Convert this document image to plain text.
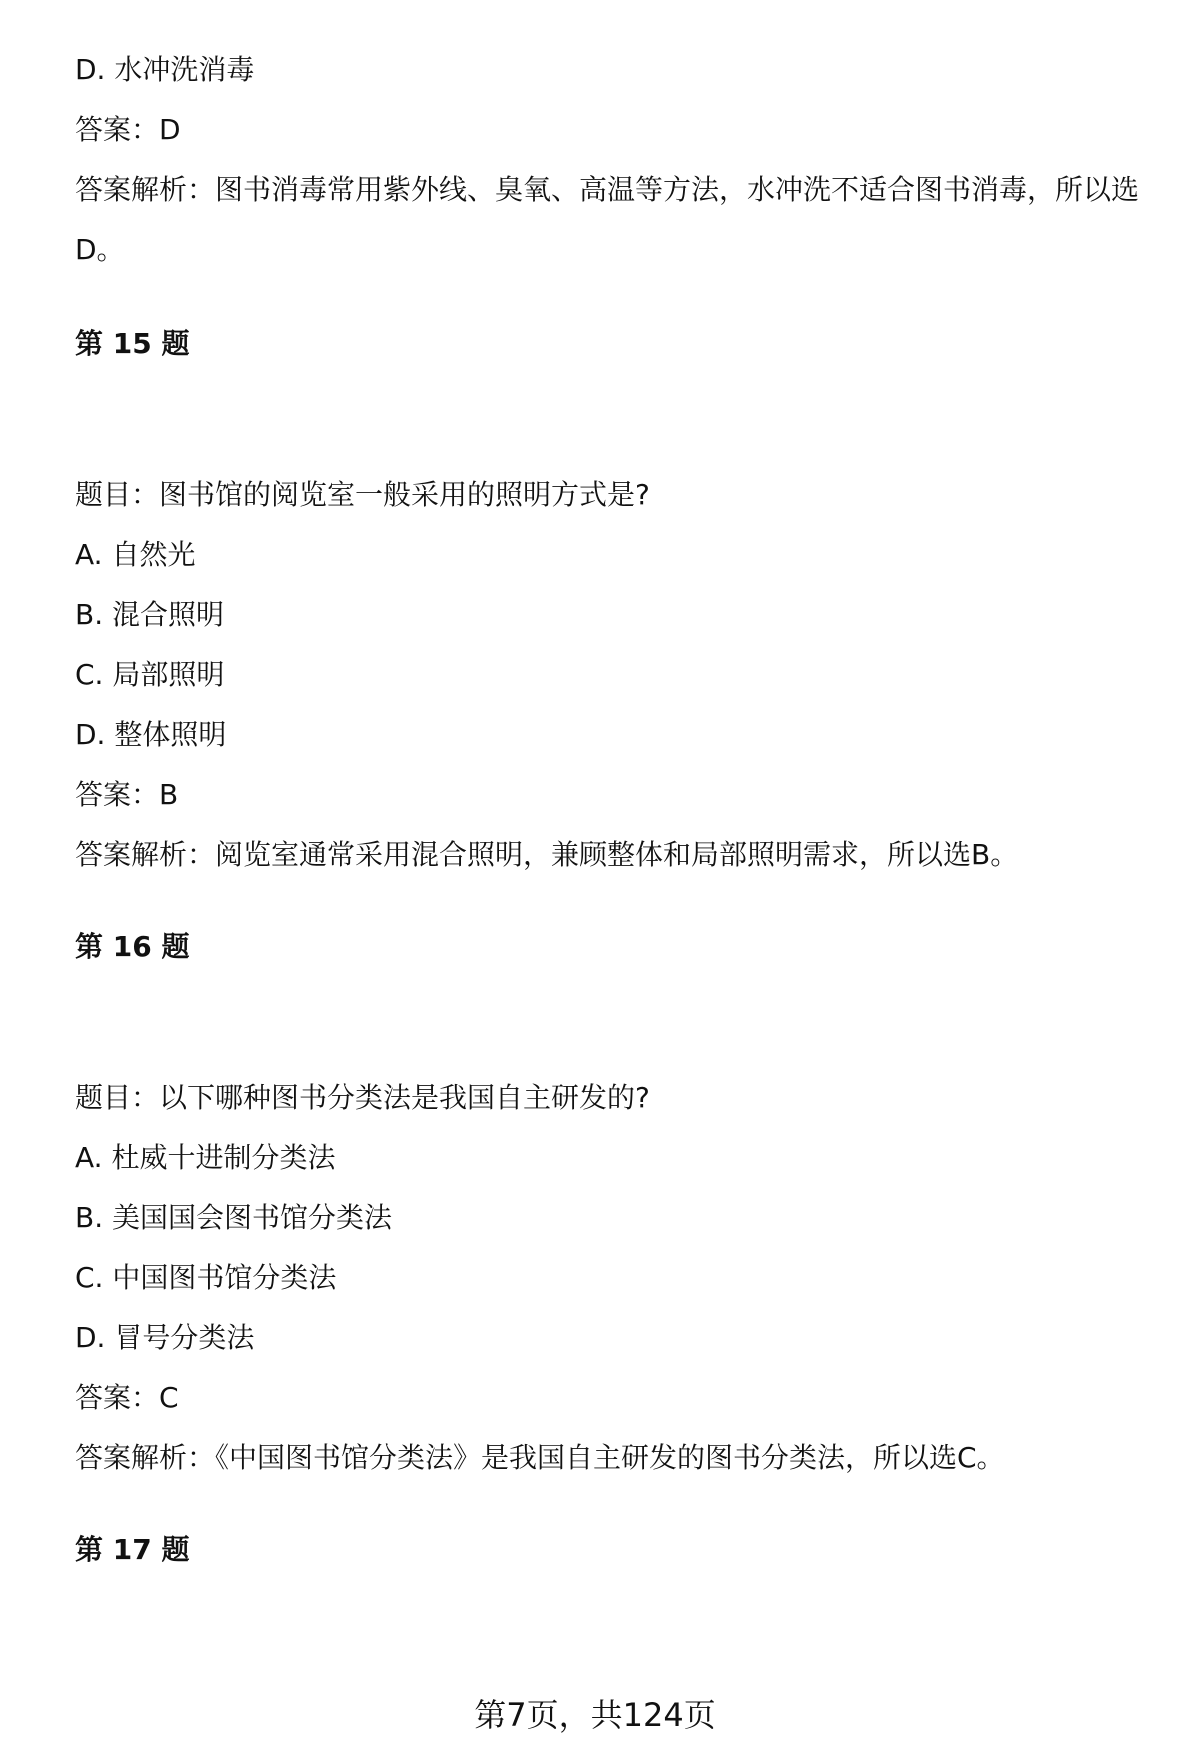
D. 水冲洗消毒
答案：D
答案解析：图书消毒常用紫外线、臭氧、高温等方法，水冲洗不适合图书消毒，所以选D。
第 15 题
题目：图书馆的阅览室一般采用的照明方式是?
A. 自然光
B. 混合照明
C. 局部照明
D. 整体照明
答案：B
答案解析：阅览室通常采用混合照明，兼顾整体和局部照明需求，所以选B。
第 16 题
题目：以下哪种图书分类法是我国自主研发的?
A. 杜威十进制分类法
B. 美国国会图书馆分类法
C. 中国图书馆分类法
D. 冒号分类法
答案：C
答案解析：《中国图书馆分类法》是我国自主研发的图书分类法，所以选C。
第 17 题
第7页，共124页
